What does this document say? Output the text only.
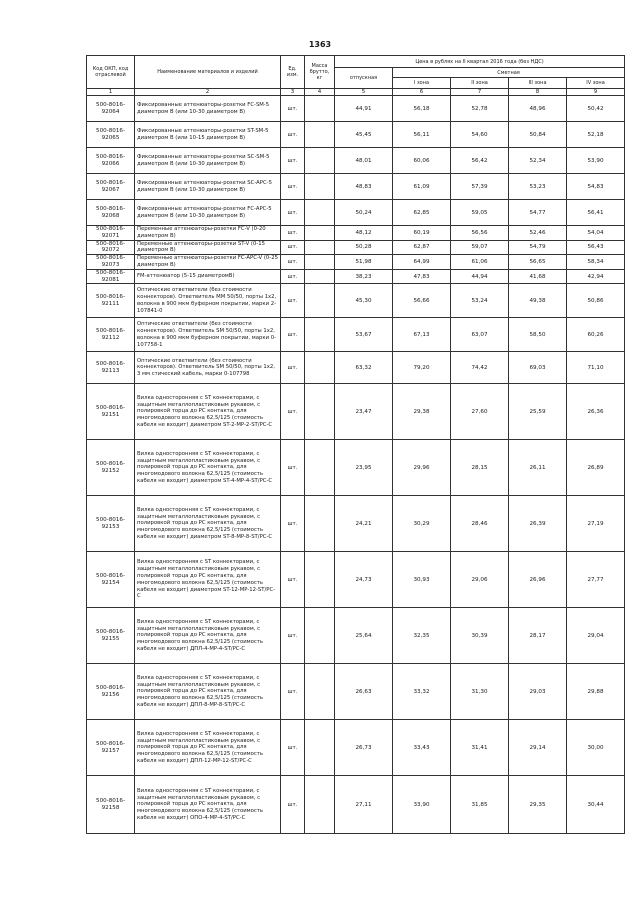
1363
Код ОКП, код отраслевой	Наименование материалов и изделий	Ед. изм.	Масса брутто, кг	Цена в рублях на II квартал 2016 года (без НДС)				
				отпускная	Сметная			
					I зона	II зона	III зона	IV зона
1	2	3	4	5	6	7	8	9
500-8016-92064	Фиксированные аттенюаторы-розетки FC-SM-5 диаметром В (или 10-30 диаметром В)	шт.		44,91	56,18	52,78	48,96	50,42
500-8016-92065	Фиксированные аттенюаторы-розетки ST-SM-5 диаметром В (или 10-15 диаметром В)	шт.		45,45	56,11	54,60	50,84	52,18
500-8016-92066	Фиксированные аттенюаторы-розетки SC-SM-5 диаметром В (или 10-30 диаметром В)	шт.		48,01	60,06	56,42	52,34	53,90
500-8016-92067	Фиксированные аттенюаторы-розетки SC-APC-5 диаметром В (или 10-30 диаметром В)	шт.		48,83	61,09	57,39	53,23	54,83
500-8016-92068	Фиксированные аттенюаторы-розетки FC-APC-5 диаметром В (или 10-30 диаметром В)	шт.		50,24	62,85	59,05	54,77	56,41
500-8016-92071	Переменные аттенюаторы-розетки FC-V (0-20 диаметром В)	шт.		48,12	60,19	56,56	52,46	54,04
500-8016-92072	Переменные аттенюаторы-розетки ST-V (0-15 диаметром В)	шт.		50,28	62,87	59,07	54,79	56,43
500-8016-92073	Переменные аттенюаторы-розетки FC-APC-V (0-25 диаметром В)	шт.		51,98	64,99	61,06	56,65	58,34
500-8016-92081	FM-аттенюатор (5-15 диаметромВ)	шт.		38,23	47,83	44,94	41,68	42,94
500-8016-92111	Оптические ответвители (без стоимости коннекторов). Ответвитель ММ 50/50, порты 1х2, волокна в 900 мкм буферном покрытии, марки 2-107841-0	шт.		45,30	56,66	53,24	49,38	50,86
500-8016-92112	Оптические ответвители (без стоимости коннекторов). Ответвитель SM 50/50, порты 1х2, волокна в 900 мкм буферном покрытии, марки 0-107758-1	шт.		53,67	67,13	63,07	58,50	60,26
500-8016-92113	Оптические ответвители (без стоимости коннекторов). Ответвитель SM 50/50, порты 1х2, 3 мм стический кабель, марки 0-107798	шт.		63,32	79,20	74,42	69,03	71,10
500-8016-92151	Вилка односторонняя с ST коннекторами, с защитным металлопластиковым рукавом, с полировкой торца до PC контакта, для многомодового волокна 62,5/125 (стоимость кабеля не входит) диаметром ST-2-MP-2-ST/PC-C	шт.		23,47	29,38	27,60	25,59	26,36
500-8016-92152	Вилка односторонняя с ST коннекторами, с защитным металлопластиковым рукавом, с полировкой торца до PC контакта, для многомодового волокна 62,5/125 (стоимость кабеля не входит) диаметром ST-4-MP-4-ST/PC-C	шт.		23,95	29,96	28,15	26,11	26,89
500-8016-92153	Вилка односторонняя с ST коннекторами, с защитным металлопластиковым рукавом, с полировкой торца до PC контакта, для многомодового волокна 62,5/125 (стоимость кабеля не входит) диаметром ST-8-MP-8-ST/PC-C	шт.		24,21	30,29	28,46	26,39	27,19
500-8016-92154	Вилка односторонняя с ST коннекторами, с защитным металлопластиковым рукавом, с полировкой торца до PC контакта, для многомодового волокна 62,5/125 (стоимость кабеля не входит) диаметром ST-12-MP-12-ST/PC-C	шт.		24,73	30,93	29,06	26,96	27,77
500-8016-92155	Вилка односторонняя с ST коннекторами, с защитным металлопластиковым рукавом, с полировкой торца до PC контакта, для многомодового волокна 62,5/125 (стоимость кабеля не входит) ДПЛ-4-MP-4-ST/PC-C	шт.		25,64	32,35	30,39	28,17	29,04
500-8016-92156	Вилка односторонняя с ST коннекторами, с защитным металлопластиковым рукавом, с полировкой торца до PC контакта, для многомодового волокна 62,5/125 (стоимость кабеля не входит) ДПЛ-8-MP-8-ST/PC-C	шт.		26,63	33,32	31,30	29,03	29,88
500-8016-92157	Вилка односторонняя с ST коннекторами, с защитным металлопластиковым рукавом, с полировкой торца до PC контакта, для многомодового волокна 62,5/125 (стоимость кабеля не входит) ДПЛ-12-MP-12-ST/PC-C	шт.		26,73	33,43	31,41	29,14	30,00
500-8016-92158	Вилка односторонняя с ST коннекторами, с защитным металлопластиковым рукавом, с полировкой торца до PC контакта, для многомодового волокна 62,5/125 (стоимость кабеля не входит) ОПО-4-MP-4-ST/PC-C	шт.		27,11	33,90	31,85	29,35	30,44
